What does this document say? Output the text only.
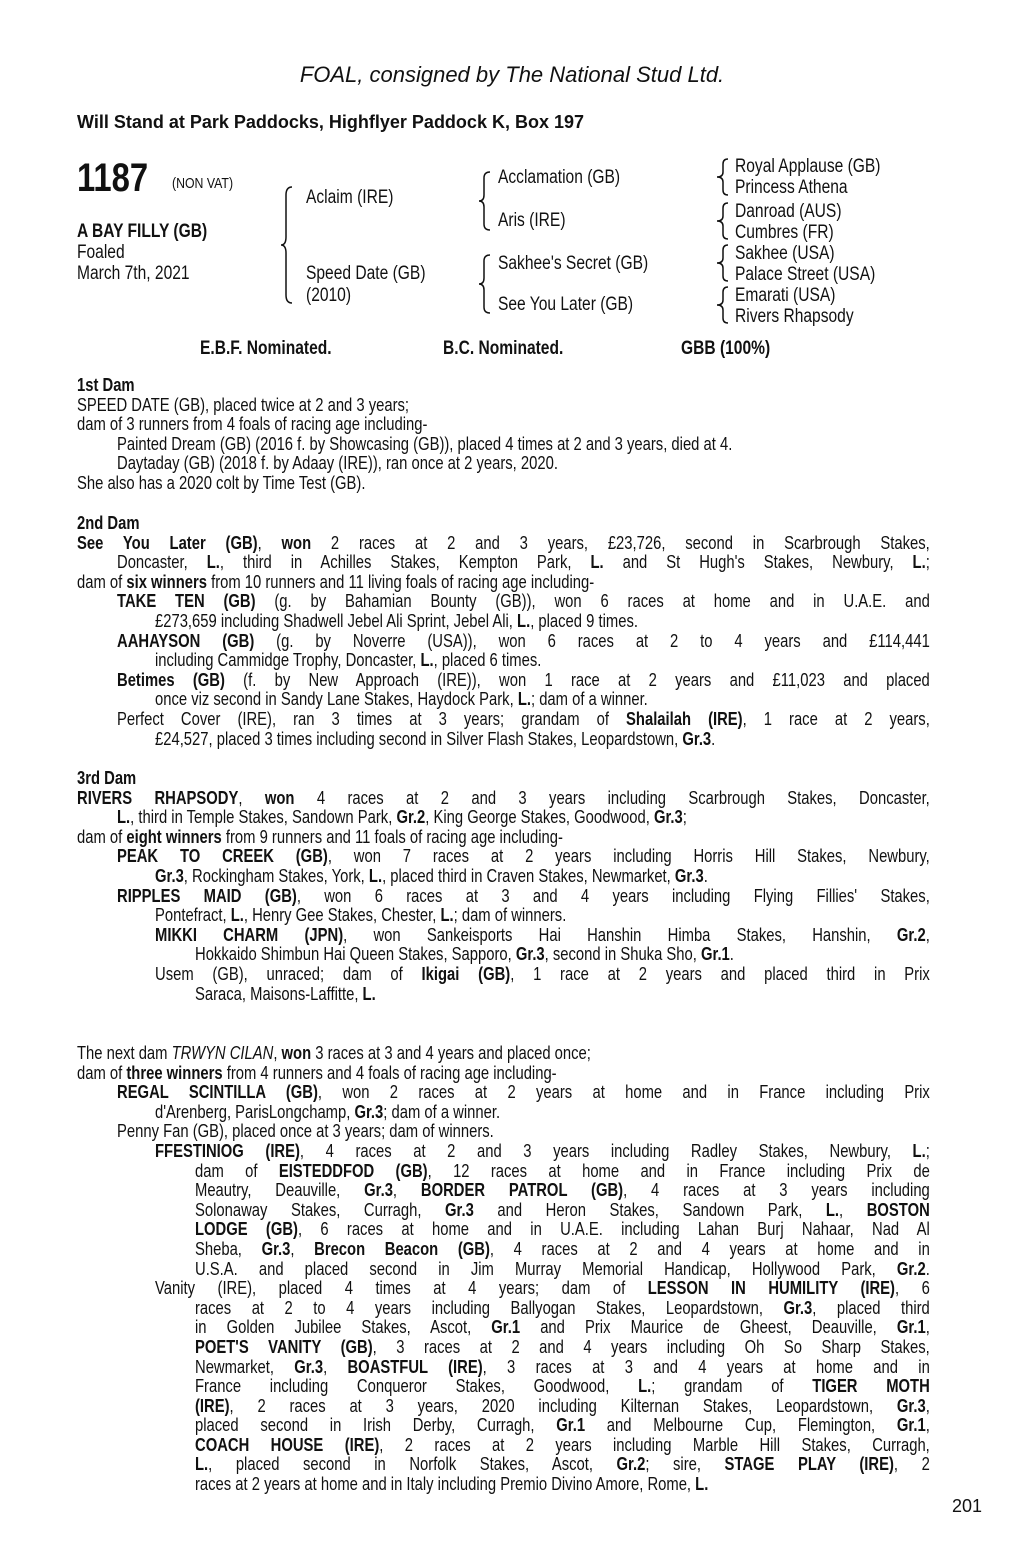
FOAL, consigned by The National Stud Ltd.
Will Stand at Park Paddocks, Highflyer Paddock K, Box 197
1187	(NON VAT)
A BAY FILLY (GB)
Foaled
March 7th, 2021
Aclaim (IRE)
Speed Date (GB)
(2010)
Acclamation (GB)
Aris (IRE)
Sakhee's Secret (GB)
See You Later (GB)
Royal Applause (GB)
Princess Athena
Danroad (AUS)
Cumbres (FR)
Sakhee (USA)
Palace Street (USA)
Emarati (USA)
Rivers Rhapsody
E.B.F. Nominated.	B.C. Nominated.	GBB (100%)
1st Dam
SPEED DATE (GB), placed twice at 2 and 3 years;
dam of 3 runners from 4 foals of racing age including-
Painted Dream (GB) (2016 f. by Showcasing (GB)), placed 4 times at 2 and 3 years, died at 4.
Daytaday (GB) (2018 f. by Adaay (IRE)), ran once at 2 years, 2020.
She also has a 2020 colt by Time Test (GB).
2nd Dam
See You Later (GB), won 2 races at 2 and 3 years, £23,726, second in Scarbrough Stakes,
Doncaster, L., third in Achilles Stakes, Kempton Park, L. and St Hugh's Stakes, Newbury, L.;
dam of six winners from 10 runners and 11 living foals of racing age including-
TAKE TEN (GB) (g. by Bahamian Bounty (GB)), won 6 races at home and in U.A.E. and
£273,659 including Shadwell Jebel Ali Sprint, Jebel Ali, L., placed 9 times.
AAHAYSON (GB) (g. by Noverre (USA)), won 6 races at 2 to 4 years and £114,441
including Cammidge Trophy, Doncaster, L., placed 6 times.
Betimes (GB) (f. by New Approach (IRE)), won 1 race at 2 years and £11,023 and placed
once viz second in Sandy Lane Stakes, Haydock Park, L.; dam of a winner.
Perfect Cover (IRE), ran 3 times at 3 years; grandam of Shalailah (IRE), 1 race at 2 years,
£24,527, placed 3 times including second in Silver Flash Stakes, Leopardstown, Gr.3.
3rd Dam
RIVERS RHAPSODY, won 4 races at 2 and 3 years including Scarbrough Stakes, Doncaster,
L., third in Temple Stakes, Sandown Park, Gr.2, King George Stakes, Goodwood, Gr.3;
dam of eight winners from 9 runners and 11 foals of racing age including-
PEAK TO CREEK (GB), won 7 races at 2 years including Horris Hill Stakes, Newbury,
Gr.3, Rockingham Stakes, York, L., placed third in Craven Stakes, Newmarket, Gr.3.
RIPPLES MAID (GB), won 6 races at 3 and 4 years including Flying Fillies' Stakes,
Pontefract, L., Henry Gee Stakes, Chester, L.; dam of winners.
MIKKI CHARM (JPN), won Sankeisports Hai Hanshin Himba Stakes, Hanshin, Gr.2,
Hokkaido Shimbun Hai Queen Stakes, Sapporo, Gr.3, second in Shuka Sho, Gr.1.
Usem (GB), unraced; dam of Ikigai (GB), 1 race at 2 years and placed third in Prix
Saraca, Maisons-Laffitte, L.
The next dam TRWYN CILAN, won 3 races at 3 and 4 years and placed once;
dam of three winners from 4 runners and 4 foals of racing age including-
REGAL SCINTILLA (GB), won 2 races at 2 years at home and in France including Prix
d'Arenberg, ParisLongchamp, Gr.3; dam of a winner.
Penny Fan (GB), placed once at 3 years; dam of winners.
FFESTINIOG (IRE), 4 races at 2 and 3 years including Radley Stakes, Newbury, L.;
dam of EISTEDDFOD (GB), 12 races at home and in France including Prix de
Meautry, Deauville, Gr.3, BORDER PATROL (GB), 4 races at 3 years including
Solonaway Stakes, Curragh, Gr.3 and Heron Stakes, Sandown Park, L., BOSTON
LODGE (GB), 6 races at home and in U.A.E. including Lahan Burj Nahaar, Nad Al
Sheba, Gr.3, Brecon Beacon (GB), 4 races at 2 and 4 years at home and in
U.S.A. and placed second in Jim Murray Memorial Handicap, Hollywood Park, Gr.2.
Vanity (IRE), placed 4 times at 4 years; dam of LESSON IN HUMILITY (IRE), 6
races at 2 to 4 years including Ballyogan Stakes, Leopardstown, Gr.3, placed third
in Golden Jubilee Stakes, Ascot, Gr.1 and Prix Maurice de Gheest, Deauville, Gr.1,
POET'S VANITY (GB), 3 races at 2 and 4 years including Oh So Sharp Stakes,
Newmarket, Gr.3, BOASTFUL (IRE), 3 races at 3 and 4 years at home and in
France including Conqueror Stakes, Goodwood, L.; grandam of TIGER MOTH
(IRE), 2 races at 3 years, 2020 including Kilternan Stakes, Leopardstown, Gr.3,
placed second in Irish Derby, Curragh, Gr.1 and Melbourne Cup, Flemington, Gr.1,
COACH HOUSE (IRE), 2 races at 2 years including Marble Hill Stakes, Curragh,
L., placed second in Norfolk Stakes, Ascot, Gr.2; sire, STAGE PLAY (IRE), 2
races at 2 years at home and in Italy including Premio Divino Amore, Rome, L.
201
